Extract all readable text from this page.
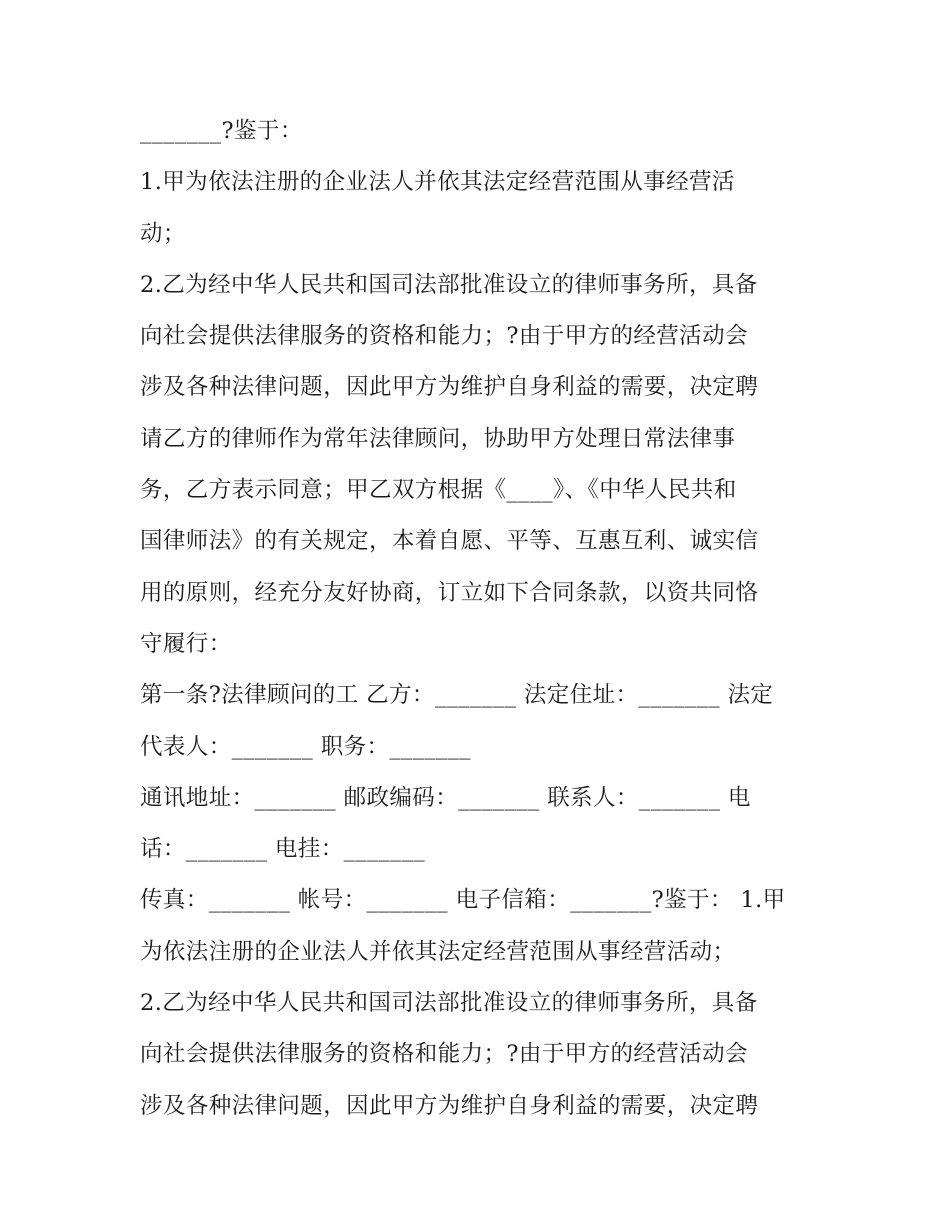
_______?鉴于：
1.甲为依法注册的企业法人并依其法定经营范围从事经营活
动；
2.乙为经中华人民共和国司法部批准设立的律师事务所，具备
向社会提供法律服务的资格和能力；?由于甲方的经营活动会
涉及各种法律问题，因此甲方为维护自身利益的需要，决定聘
请乙方的律师作为常年法律顾问，协助甲方处理日常法律事
务，乙方表示同意；甲乙双方根据《____》、《中华人民共和
国律师法》的有关规定，本着自愿、平等、互惠互利、诚实信
用的原则，经充分友好协商，订立如下合同条款，以资共同恪
守履行：
第一条?法律顾问的工 乙方：_______ 法定住址：_______ 法定
代表人：_______ 职务：_______
通讯地址：_______ 邮政编码：_______ 联系人：_______ 电
话：_______ 电挂：_______
传真：_______ 帐号：_______ 电子信箱：_______?鉴于： 1.甲
为依法注册的企业法人并依其法定经营范围从事经营活动；
2.乙为经中华人民共和国司法部批准设立的律师事务所，具备
向社会提供法律服务的资格和能力；?由于甲方的经营活动会
涉及各种法律问题，因此甲方为维护自身利益的需要，决定聘
